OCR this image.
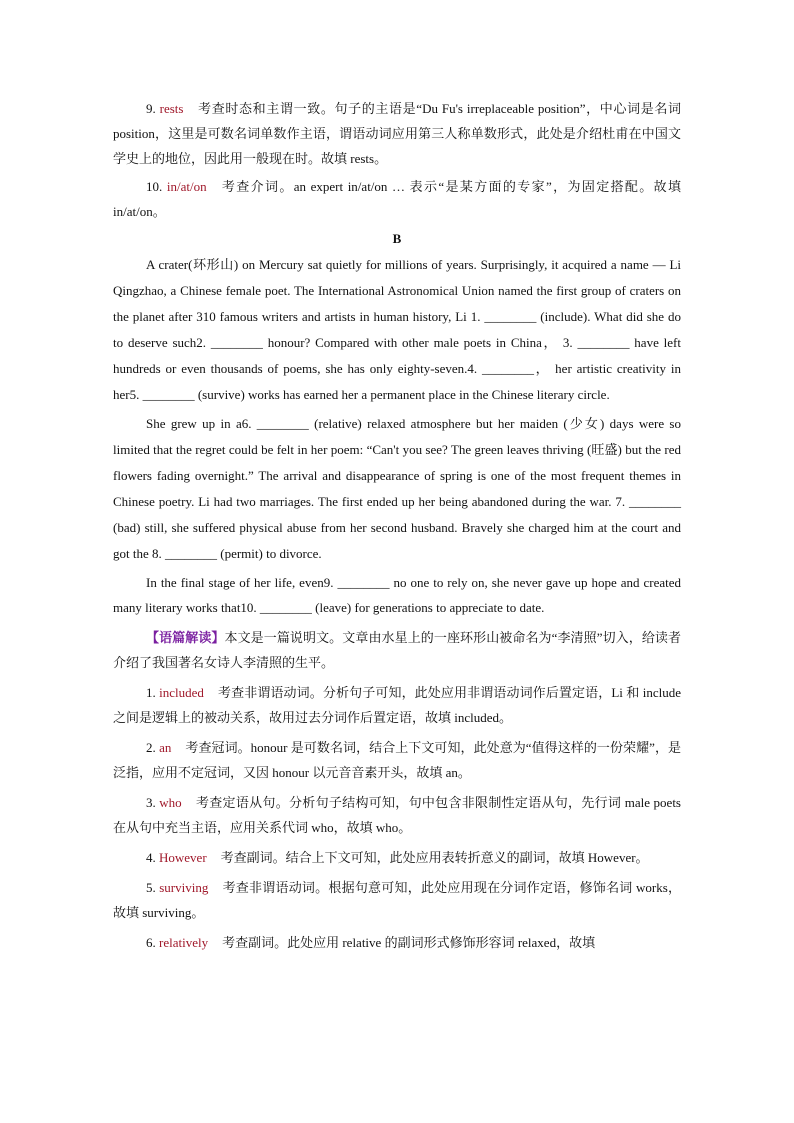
9. rests 考查时态和主谓一致。句子的主语是“Du Fu's irreplaceable position”，中心词是名词 position，这里是可数名词单数作主语，谓语动词应用第三人称单数形式，此处是介绍杜甫在中国文学史上的地位，因此用一般现在时。故填 rests。

10. in/at/on 考查介词。an expert in/at/on … 表示“是某方面的专家”，为固定搭配。故填 in/at/on。

B

A crater(环形山) on Mercury sat quietly for millions of years. Surprisingly, it acquired a name — Li Qingzhao, a Chinese female poet. The International Astronomical Union named the first group of craters on the planet after 310 famous writers and artists in human history, Li 1. ________ (include). What did she do to deserve such2. ________ honour? Compared with other male poets in China， 3. ________ have left hundreds or even thousands of poems, she has only eighty-seven.4. ________， her artistic creativity in her5. ________ (survive) works has earned her a permanent place in the Chinese literary circle.

She grew up in a6. ________ (relative) relaxed atmosphere but her maiden (少女) days were so limited that the regret could be felt in her poem: “Can't you see? The green leaves thriving (旺盛) but the red flowers fading overnight.” The arrival and disappearance of spring is one of the most frequent themes in Chinese poetry. Li had two marriages. The first ended up her being abandoned during the war. 7. ________ (bad) still, she suffered physical abuse from her second husband. Bravely she charged him at the court and got the 8. ________ (permit) to divorce.

In the final stage of her life, even9. ________ no one to rely on, she never gave up hope and created many literary works that10. ________ (leave) for generations to appreciate to date.

【语篇解读】本文是一篇说明文。文章由水星上的一座环形山被命名为“李清照”切入，给读者介绍了我国著名女诗人李清照的生平。

1. included 考查非谓语动词。分析句子可知，此处应用非谓语动词作后置定语，Li 和 include 之间是逻辑上的被动关系，故用过去分词作后置定语，故填 included。

2. an 考查冠词。honour 是可数名词，结合上下文可知，此处意为“值得这样的一份荣耀”，是泛指，应用不定冠词，又因 honour 以元音音素开头，故填 an。

3. who 考查定语从句。分析句子结构可知，句中包含非限制性定语从句，先行词 male poets 在从句中充当主语，应用关系代词 who，故填 who。

4. However 考查副词。结合上下文可知，此处应用表转折意义的副词，故填 However。

5. surviving 考查非谓语动词。根据句意可知，此处应用现在分词作定语，修饰名词 works，故填 surviving。

6. relatively 考查副词。此处应用 relative 的副词形式修饰形容词 relaxed，故填
